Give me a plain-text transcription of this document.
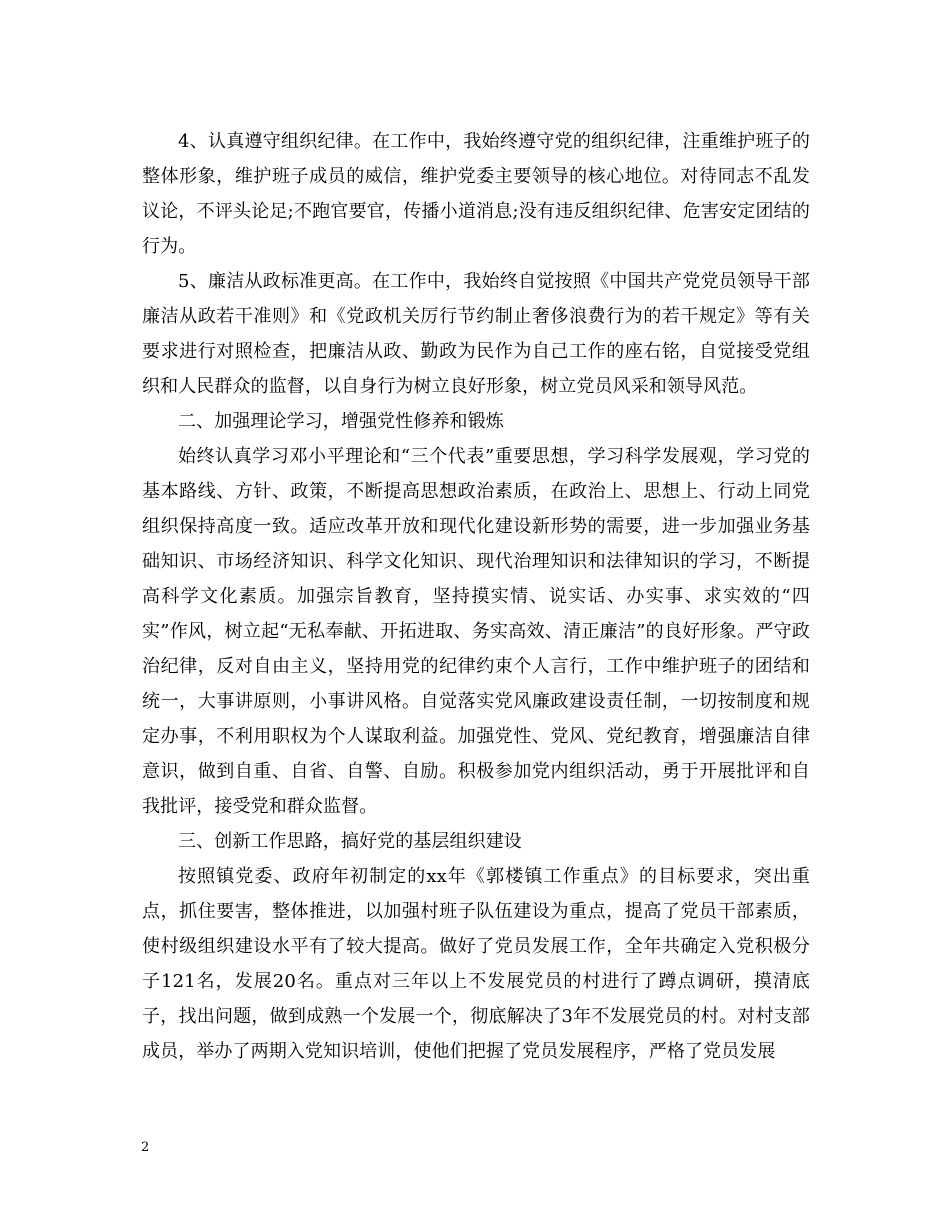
4、认真遵守组织纪律。在工作中，我始终遵守党的组织纪律，注重维护班子的整体形象，维护班子成员的威信，维护党委主要领导的核心地位。对待同志不乱发议论，不评头论足;不跑官要官，传播小道消息;没有违反组织纪律、危害安定团结的行为。

5、廉洁从政标准更高。在工作中，我始终自觉按照《中国共产党党员领导干部廉洁从政若干准则》和《党政机关厉行节约制止奢侈浪费行为的若干规定》等有关要求进行对照检查，把廉洁从政、勤政为民作为自己工作的座右铭，自觉接受党组织和人民群众的监督，以自身行为树立良好形象，树立党员风采和领导风范。

二、加强理论学习，增强党性修养和锻炼

始终认真学习邓小平理论和“三个代表”重要思想，学习科学发展观，学习党的基本路线、方针、政策，不断提高思想政治素质，在政治上、思想上、行动上同党组织保持高度一致。适应改革开放和现代化建设新形势的需要，进一步加强业务基础知识、市场经济知识、科学文化知识、现代治理知识和法律知识的学习，不断提高科学文化素质。加强宗旨教育，坚持摸实情、说实话、办实事、求实效的“四实”作风，树立起“无私奉献、开拓进取、务实高效、清正廉洁”的良好形象。严守政治纪律，反对自由主义，坚持用党的纪律约束个人言行，工作中维护班子的团结和统一，大事讲原则，小事讲风格。自觉落实党风廉政建设责任制，一切按制度和规定办事，不利用职权为个人谋取利益。加强党性、党风、党纪教育，增强廉洁自律意识，做到自重、自省、自警、自励。积极参加党内组织活动，勇于开展批评和自我批评，接受党和群众监督。

三、创新工作思路，搞好党的基层组织建设

按照镇党委、政府年初制定的xx年《郭楼镇工作重点》的目标要求，突出重点，抓住要害，整体推进，以加强村班子队伍建设为重点，提高了党员干部素质，使村级组织建设水平有了较大提高。做好了党员发展工作，全年共确定入党积极分子121名，发展20名。重点对三年以上不发展党员的村进行了蹲点调研，摸清底子，找出问题，做到成熟一个发展一个，彻底解决了3年不发展党员的村。对村支部成员，举办了两期入党知识培训，使他们把握了党员发展程序，严格了党员发展

2
